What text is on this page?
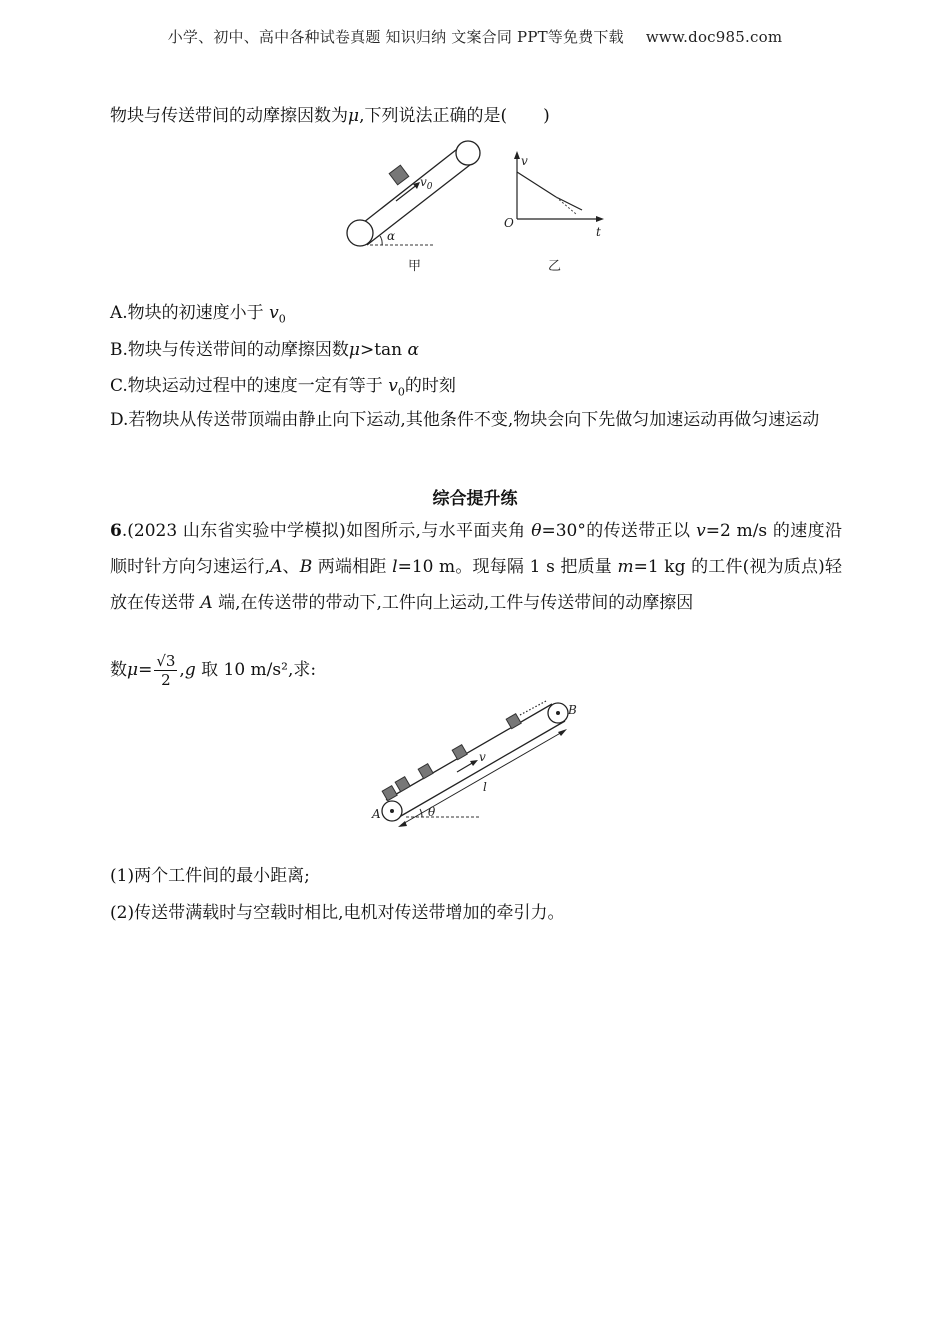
小学、初中、高中各种试卷真题 知识归纳 文案合同 PPT等免费下载 www.doc985.com
物块与传送带间的动摩擦因数为μ,下列说法正确的是( )
$v_0$
α
甲
v
t
O
乙
A.物块的初速度小于 $v_0$
B.物块与传送带间的动摩擦因数μ>tan α
C.物块运动过程中的速度一定有等于 $v_0$的时刻
D.若物块从传送带顶端由静止向下运动,其他条件不变,物块会向下先做匀加速运动再做匀速运动
综合提升练
6.(2023 山东省实验中学模拟)如图所示,与水平面夹角 θ=30°的传送带正以 v=2 m/s 的速度沿顺时针方向匀速运行,A、B 两端相距 l=10 m。现每隔 1 s 把质量 m=1 kg 的工件(视为质点)轻放在传送带 A 端,在传送带的带动下,工件向上运动,工件与传送带间的动摩擦因
数$\mu= \frac{√3}{2} ,g$ 取 10 m/s²,求:
v
l
θ
A
B
(1)两个工件间的最小距离;
(2)传送带满载时与空载时相比,电机对传送带增加的牵引力。
